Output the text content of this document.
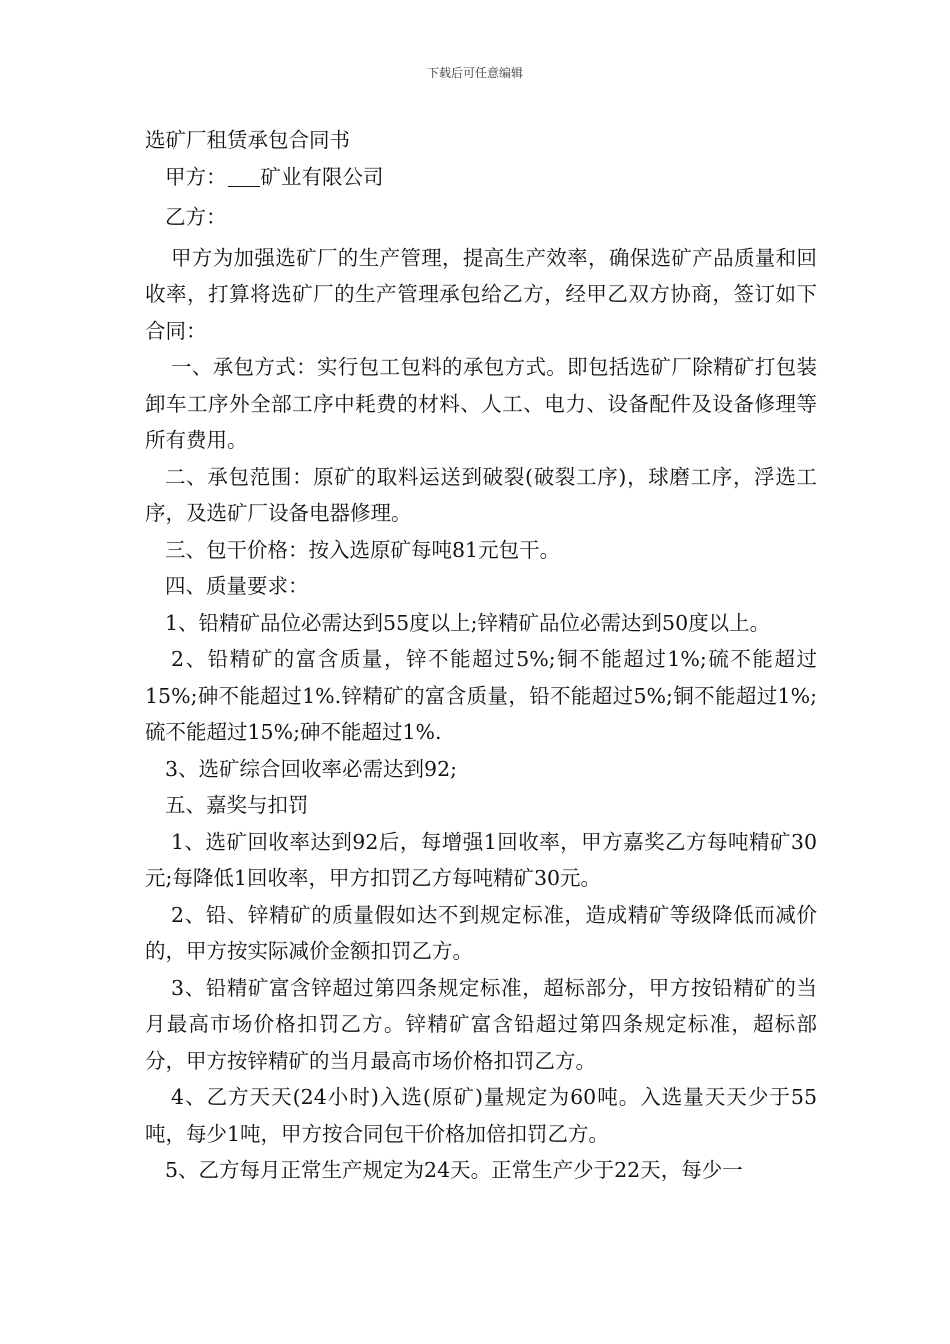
下载后可任意编辑
选矿厂租赁承包合同书

甲方： 矿业有限公司

乙方：

甲方为加强选矿厂的生产管理，提高生产效率，确保选矿产品质量和回收率，打算将选矿厂的生产管理承包给乙方，经甲乙双方协商，签订如下合同：

一、承包方式：实行包工包料的承包方式。即包括选矿厂除精矿打包装卸车工序外全部工序中耗费的材料、人工、电力、设备配件及设备修理等所有费用。

二、承包范围：原矿的取料运送到破裂(破裂工序)，球磨工序，浮选工序，及选矿厂设备电器修理。

三、包干价格：按入选原矿每吨81元包干。

四、质量要求：

1、铅精矿品位必需达到55度以上;锌精矿品位必需达到50度以上。

2、铅精矿的富含质量，锌不能超过5%;铜不能超过1%;硫不能超过15%;砷不能超过1%.锌精矿的富含质量，铅不能超过5%;铜不能超过1%;硫不能超过15%;砷不能超过1%.

3、选矿综合回收率必需达到92;

五、嘉奖与扣罚

1、选矿回收率达到92后，每增强1回收率，甲方嘉奖乙方每吨精矿30元;每降低1回收率，甲方扣罚乙方每吨精矿30元。

2、铅、锌精矿的质量假如达不到规定标准，造成精矿等级降低而减价的，甲方按实际减价金额扣罚乙方。

3、铅精矿富含锌超过第四条规定标准，超标部分，甲方按铅精矿的当月最高市场价格扣罚乙方。锌精矿富含铅超过第四条规定标准，超标部分，甲方按锌精矿的当月最高市场价格扣罚乙方。

4、乙方天天(24小时)入选(原矿)量规定为60吨。入选量天天少于55吨，每少1吨，甲方按合同包干价格加倍扣罚乙方。

5、乙方每月正常生产规定为24天。正常生产少于22天，每少一
